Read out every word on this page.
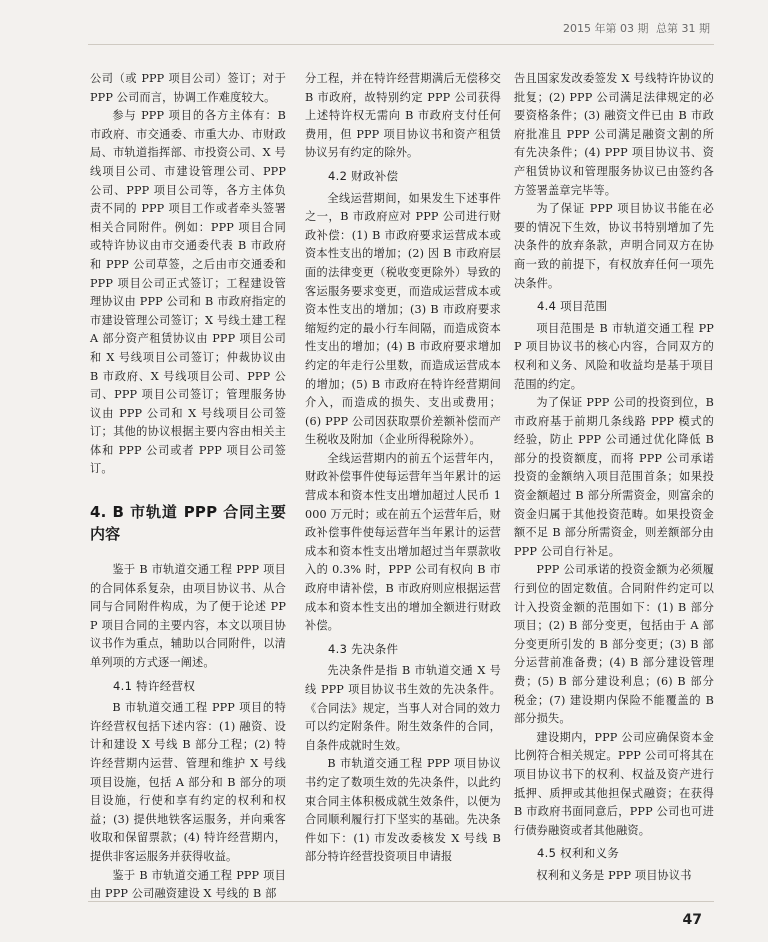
2015 年第 03 期 总第 31 期

公司（或 PPP 项目公司）签订；对于 PPP 公司而言，协调工作难度较大。

参与 PPP 项目的各方主体有：B 市政府、市交通委、市重大办、市财政局、市轨道指挥部、市投资公司、X 号线项目公司、市建设管理公司、PPP 公司、PPP 项目公司等，各方主体负责不同的 PPP 项目工作或者牵头签署相关合同附件。例如：PPP 项目合同或特许协议由市交通委代表 B 市政府和 PPP 公司草签，之后由市交通委和 PPP 项目公司正式签订；工程建设管理协议由 PPP 公司和 B 市政府指定的市建设管理公司签订；X 号线土建工程 A 部分资产租赁协议由 PPP 项目公司和 X 号线项目公司签订；仲裁协议由 B 市政府、X 号线项目公司、PPP 公司、PPP 项目公司签订；管理服务协议由 PPP 公司和 X 号线项目公司签订；其他的协议根据主要内容由相关主体和 PPP 公司或者 PPP 项目公司签订。

4. B 市轨道 PPP 合同主要内容

鉴于 B 市轨道交通工程 PPP 项目的合同体系复杂，由项目协议书、从合同与合同附件构成，为了便于论述 PPP 项目合同的主要内容，本文以项目协议书作为重点，辅助以合同附件，以清单列项的方式逐一阐述。

4.1 特许经营权

B 市轨道交通工程 PPP 项目的特许经营权包括下述内容：(1) 融资、设计和建设 X 号线 B 部分工程；(2) 特许经营期内运营、管理和维护 X 号线项目设施，包括 A 部分和 B 部分的项目设施，行使和享有约定的权利和权益；(3) 提供地铁客运服务，并向乘客收取和保留票款；(4) 特许经营期内，提供非客运服务并获得收益。

鉴于 B 市轨道交通工程 PPP 项目由 PPP 公司融资建设 X 号线的 B 部

分工程，并在特许经营期满后无偿移交 B 市政府，故特别约定 PPP 公司获得上述特许权无需向 B 市政府支付任何费用，但 PPP 项目协议书和资产租赁协议另有约定的除外。

4.2 财政补偿

全线运营期间，如果发生下述事件之一，B 市政府应对 PPP 公司进行财政补偿：(1) B 市政府要求运营成本或资本性支出的增加；(2) 因 B 市政府层面的法律变更（税收变更除外）导致的客运服务要求变更，而造成运营成本或资本性支出的增加；(3) B 市政府要求缩短约定的最小行车间隔，而造成资本性支出的增加；(4) B 市政府要求增加约定的年走行公里数，而造成运营成本的增加；(5) B 市政府在特许经营期间介入，而造成的损失、支出或费用；(6) PPP 公司因获取票价差额补偿而产生税收及附加（企业所得税除外）。

全线运营期内的前五个运营年内，财政补偿事件使每运营年当年累计的运营成本和资本性支出增加超过人民币 1000 万元时；或在前五个运营年后，财政补偿事件使每运营年当年累计的运营成本和资本性支出增加超过当年票款收入的 0.3% 时，PPP 公司有权向 B 市政府申请补偿，B 市政府则应根据运营成本和资本性支出的增加全额进行财政补偿。

4.3 先决条件

先决条件是指 B 市轨道交通 X 号线 PPP 项目协议书生效的先决条件。《合同法》规定，当事人对合同的效力可以约定附条件。附生效条件的合同，自条件成就时生效。

B 市轨道交通工程 PPP 项目协议书约定了数项生效的先决条件，以此约束合同主体积极成就生效条件，以便为合同顺利履行打下坚实的基础。先决条件如下：(1) 市发改委核发 X 号线 B 部分特许经营投资项目申请报

告且国家发改委签发 X 号线特许协议的批复；(2) PPP 公司满足法律规定的必要资格条件；(3) 融资文件已由 B 市政府批准且 PPP 公司满足融资文割的所有先决条件；(4) PPP 项目协议书、资产租赁协议和管理服务协议已由签约各方签署盖章完毕等。

为了保证 PPP 项目协议书能在必要的情况下生效，协议书特别增加了先决条件的放弃条款，声明合同双方在协商一致的前提下，有权放弃任何一项先决条件。

4.4 项目范围

项目范围是 B 市轨道交通工程 PPP 项目协议书的核心内容，合同双方的权利和义务、风险和收益均是基于项目范围的约定。

为了保证 PPP 公司的投资到位，B 市政府基于前期几条线路 PPP 模式的经验，防止 PPP 公司通过优化降低 B 部分的投资额度，而将 PPP 公司承诺投资的金额纳入项目范围首条；如果投资金额超过 B 部分所需资金，则富余的资金归属于其他投资范畴。如果投资金额不足 B 部分所需资金，则差额部分由 PPP 公司自行补足。

PPP 公司承诺的投资金额为必须履行到位的固定数值。合同附件约定可以计入投资金额的范围如下：(1) B 部分项目；(2) B 部分变更，包括由于 A 部分变更所引发的 B 部分变更；(3) B 部分运营前准备费；(4) B 部分建设管理费；(5) B 部分建设利息；(6) B 部分税金；(7) 建设期内保险不能覆盖的 B 部分损失。

建设期内，PPP 公司应确保资本金比例符合相关规定。PPP 公司可将其在项目协议书下的权利、权益及资产进行抵押、质押或其他担保式融资；在获得 B 市政府书面同意后，PPP 公司也可进行债券融资或者其他融资。

4.5 权利和义务

权利和义务是 PPP 项目协议书

47
